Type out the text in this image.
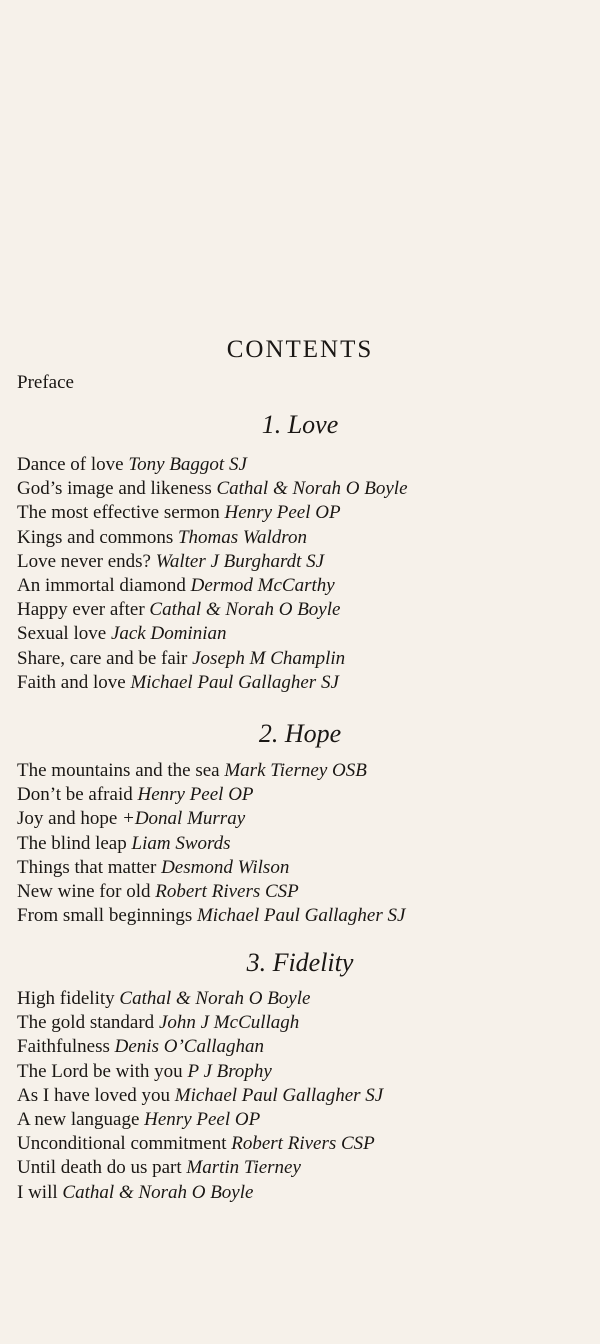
CONTENTS
Preface
1. Love
Dance of love Tony Baggot SJ
God’s image and likeness Cathal & Norah O Boyle
The most effective sermon Henry Peel OP
Kings and commons Thomas Waldron
Love never ends? Walter J Burghardt SJ
An immortal diamond Dermod McCarthy
Happy ever after Cathal & Norah O Boyle
Sexual love Jack Dominian
Share, care and be fair Joseph M Champlin
Faith and love Michael Paul Gallagher SJ
2. Hope
The mountains and the sea Mark Tierney OSB
Don’t be afraid Henry Peel OP
Joy and hope +Donal Murray
The blind leap Liam Swords
Things that matter Desmond Wilson
New wine for old Robert Rivers CSP
From small beginnings Michael Paul Gallagher SJ
3. Fidelity
High fidelity Cathal & Norah O Boyle
The gold standard John J McCullagh
Faithfulness Denis O’Callaghan
The Lord be with you P J Brophy
As I have loved you Michael Paul Gallagher SJ
A new language Henry Peel OP
Unconditional commitment Robert Rivers CSP
Until death do us part Martin Tierney
I will Cathal & Norah O Boyle
